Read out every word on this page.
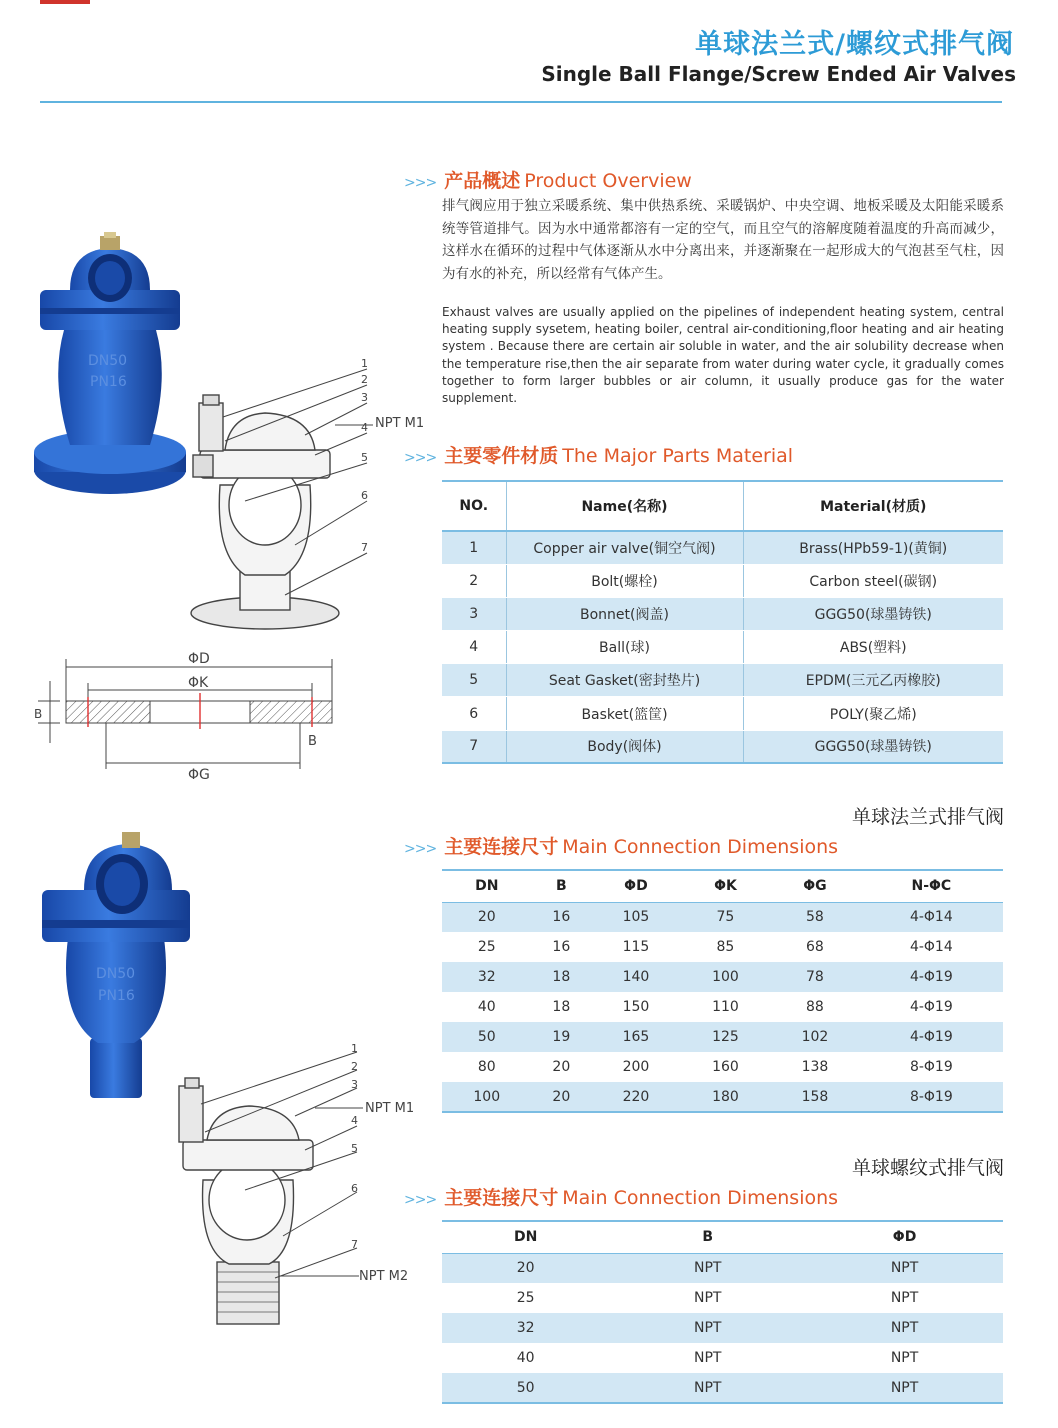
单球法兰式/螺纹式排气阀
Single Ball Flange/Screw Ended Air Valves
>>> 产品概述 Product Overview

排气阀应用于独立采暖系统、集中供热系统、采暖锅炉、中央空调、地板采暖及太阳能采暖系统等管道排气。因为水中通常都溶有一定的空气，而且空气的溶解度随着温度的升高而减少，这样水在循环的过程中气体逐渐从水中分离出来，并逐渐聚在一起形成大的气泡甚至气柱，因为有水的补充，所以经常有气体产生。

Exhaust valves are usually applied on the pipelines of independent heating system, central heating supply sysetem, heating boiler, central air-conditioning,floor heating and air heating system . Because there are certain air soluble in water, and the air solubility decrease when the temperature rise,then the air separate from water during water cycle, it gradually comes together to form larger bubbles or air column, it usually produce gas for the water supplement.

>>> 主要零件材质 The Major Parts Material
NO.	Name(名称)	Material(材质)
1	Copper air valve(铜空气阀)	Brass(HPb59-1)(黄铜)
2	Bolt(螺栓)	Carbon steel(碳钢)
3	Bonnet(阀盖)	GGG50(球墨铸铁)
4	Ball(球)	ABS(塑料)
5	Seat Gasket(密封垫片)	EPDM(三元乙丙橡胶)
6	Basket(篮筐)	POLY(聚乙烯)
7	Body(阀体)	GGG50(球墨铸铁)
单球法兰式排气阀
>>> 主要连接尺寸 Main Connection Dimensions
DN	B	ΦD	ΦK	ΦG	N-ΦC
20	16	105	75	58	4-Φ14
25	16	115	85	68	4-Φ14
32	18	140	100	78	4-Φ19
40	18	150	110	88	4-Φ19
50	19	165	125	102	4-Φ19
80	20	200	160	138	8-Φ19
100	20	220	180	158	8-Φ19
单球螺纹式排气阀
>>> 主要连接尺寸 Main Connection Dimensions
DN	B	ΦD
20	NPT	NPT
25	NPT	NPT
32	NPT	NPT
40	NPT	NPT
50	NPT	NPT
DN50
PN16
1
2
3
4
5
6
7
NPT M1
ΦD
ΦK
ΦG
B
B
DN50
PN16
1
2
3
4
5
6
7
NPT M1
NPT M2
